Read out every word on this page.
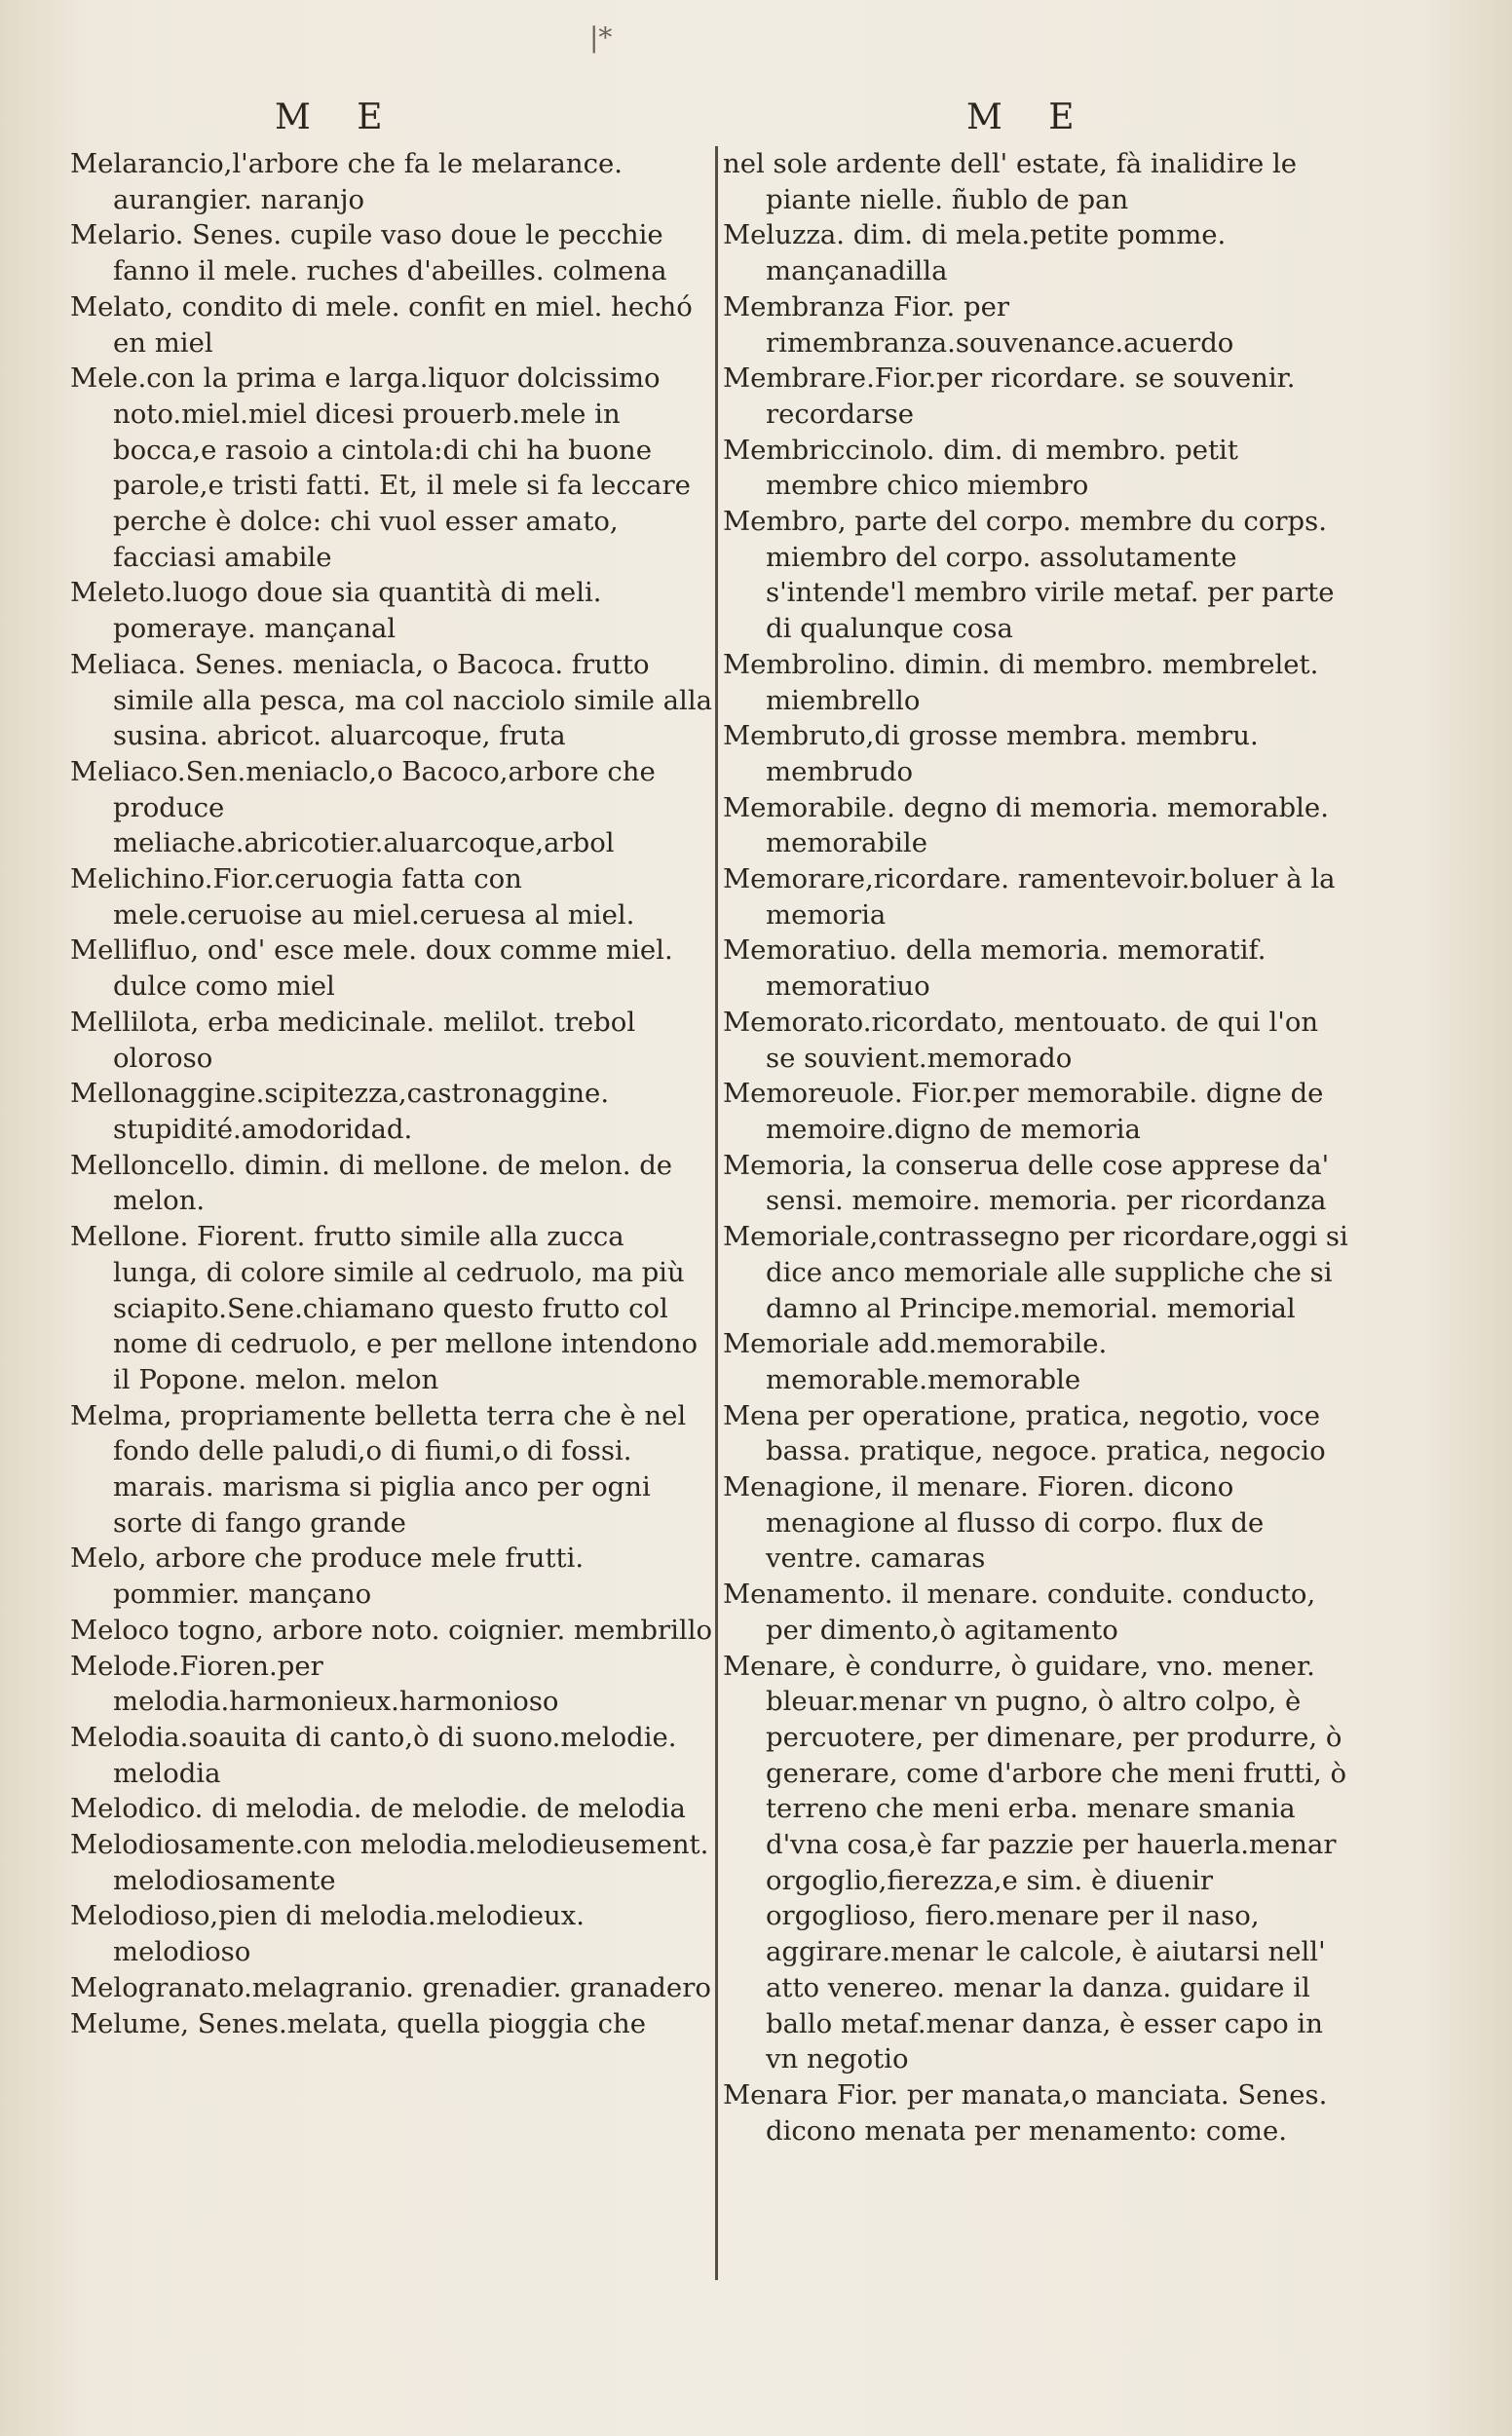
|*
M E
Melarancio,l'arbore che fa le melarance. aurangier. naranjo
Melario. Senes. cupile vaso doue le pecchie fanno il mele. ruches d'abeilles. colmena
Melato, condito di mele. confit en miel. hechó en miel
Mele.con la prima e larga.liquor dolcissimo noto.miel.miel dicesi prouerb.mele in bocca,e rasoio a cintola:di chi ha buone parole,e tristi fatti. Et, il mele si fa leccare perche è dolce: chi vuol esser amato, facciasi amabile
Meleto.luogo doue sia quantità di meli. pomeraye. mançanal
Meliaca. Senes. meniacla, o Bacoca. frutto simile alla pesca, ma col nacciolo simile alla susina. abricot. aluarcoque, fruta
Meliaco.Sen.meniaclo,o Bacoco,arbore che produce meliache.abricotier.aluarcoque,arbol
Melichino.Fior.ceruogia fatta con mele.ceruoise au miel.ceruesa al miel.
Mellifluo, ond' esce mele. doux comme miel. dulce como miel
Mellilota, erba medicinale. melilot. trebol olorosо
Mellonaggine.scipitezza,castronaggine. stupidité.amodoridad.
Melloncello. dimin. di mellone. de melon. de melon.
Mellone. Fiorent. frutto simile alla zucca lunga, di colore simile al cedruolo, ma più sciapito.Sene.chiamano questo frutto col nome di cedruolo, e per mellone intendono il Popone. melon. melon
Melma, propriamente belletta terra che è nel fondo delle paludi,o di fiumi,o di fossi. marais. marisma si piglia anco per ogni sorte di fango grande
Melo, arbore che produce mele frutti. pommier. mançano
Meloco togno, arbore noto. coignier. membrillo
Melode.Fioren.per melodia.harmonieux.harmonioso
Melodia.soauita di canto,ò di suono.melodie. melodia
Melodico. di melodia. de melodie. de melodia
Melodiosamente.con melodia.melodieusement. melodiosamente
Melodioso,pien di melodia.melodieux. melodioso
Melogranato.melagranio. grenadier. granadero
Melume, Senes.melata, quella pioggia che
M E
nel sole ardente dell' estate, fà inalidire le piante nielle. ñublo de pan
Meluzza. dim. di mela.petite pomme. mançanadilla
Membranza Fior. per rimembranza.souvenance.acuerdo
Membrare.Fior.per ricordare. se souvenir. recordarse
Membriccinolo. dim. di membro. petit membre chico miembro
Membro, parte del corpo. membre du corps. miembro del corpo. assolutamente s'intende'l membro virile metaf. per parte di qualunque cosa
Membrolino. dimin. di membro. membrelet. miembrello
Membruto,di grosse membra. membru. membrudo
Memorabile. degno di memoria. memorable. memorabile
Memorare,ricordare. ramentevoir.boluer à la memoria
Memoratiuo. della memoria. memoratif. memoratiuo
Memorato.ricordato, mentouato. de qui l'on se souvient.memorado
Memoreuole. Fior.per memorabile. digne de memoire.digno de memoria
Memoria, la conserua delle cose apprese da' sensi. memoire. memoria. per ricordanza
Memoriale,contrassegno per ricordare,oggi si dice anco memoriale alle suppliche che si damno al Principe.memorial. memorial
Memoriale add.memorabile. memorable.memorable
Mena per operatione, pratica, negotio, voce bassa. pratique, negoce. pratica, negocio
Menagione, il menare. Fioren. dicono menagione al flusso di corpo. flux de ventre. camaras
Menamento. il menare. conduite. conducto, per dimento,ò agitamento
Menare, è condurre, ò guidare, vno. mener. bleuar.menar vn pugno, ò altro colpo, è percuotere, per dimenare, per produrre, ò generare, come d'arbore che meni frutti, ò terreno che meni erba. menare smania d'vna cosa,è far pazzie per hauerla.menar orgoglio,fierezza,e sim. è diuenir orgoglioso, fiero.menare per il naso, aggirare.menar le calcole, è aiutarsi nell' atto venereo. menar la danza. guidare il ballo metaf.menar danza, è esser capo in vn negotio
Menara Fior. per manata,o manciata. Senes. dicono menata per menamento: come.
